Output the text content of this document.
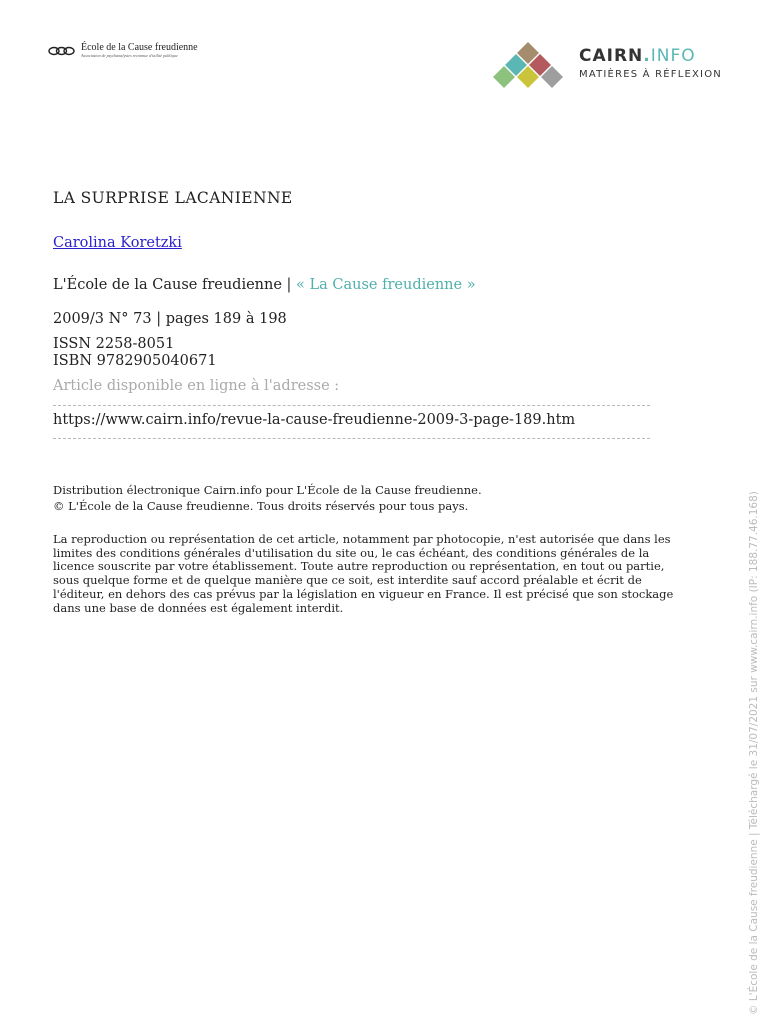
École de la Cause freudienne
Association de psychanalystes reconnue d'utilité publique	CAIRN.INFO
MATIÈRES À RÉFLEXION
LA SURPRISE LACANIENNE
Carolina Koretzki
L'École de la Cause freudienne | « La Cause freudienne »
2009/3 N° 73 | pages 189 à 198
ISSN 2258-8051
ISBN 9782905040671
Article disponible en ligne à l'adresse :
https://www.cairn.info/revue-la-cause-freudienne-2009-3-page-189.htm
Distribution électronique Cairn.info pour L'École de la Cause freudienne.
© L'École de la Cause freudienne. Tous droits réservés pour tous pays.
La reproduction ou représentation de cet article, notamment par photocopie, n'est autorisée que dans les
limites des conditions générales d'utilisation du site ou, le cas échéant, des conditions générales de la
licence souscrite par votre établissement. Toute autre reproduction ou représentation, en tout ou partie,
sous quelque forme et de quelque manière que ce soit, est interdite sauf accord préalable et écrit de
l'éditeur, en dehors des cas prévus par la législation en vigueur en France. Il est précisé que son stockage
dans une base de données est également interdit.	© L'École de la Cause freudienne | Téléchargé le 31/07/2021 sur www.cairn.info (IP: 188.77.46.168)
